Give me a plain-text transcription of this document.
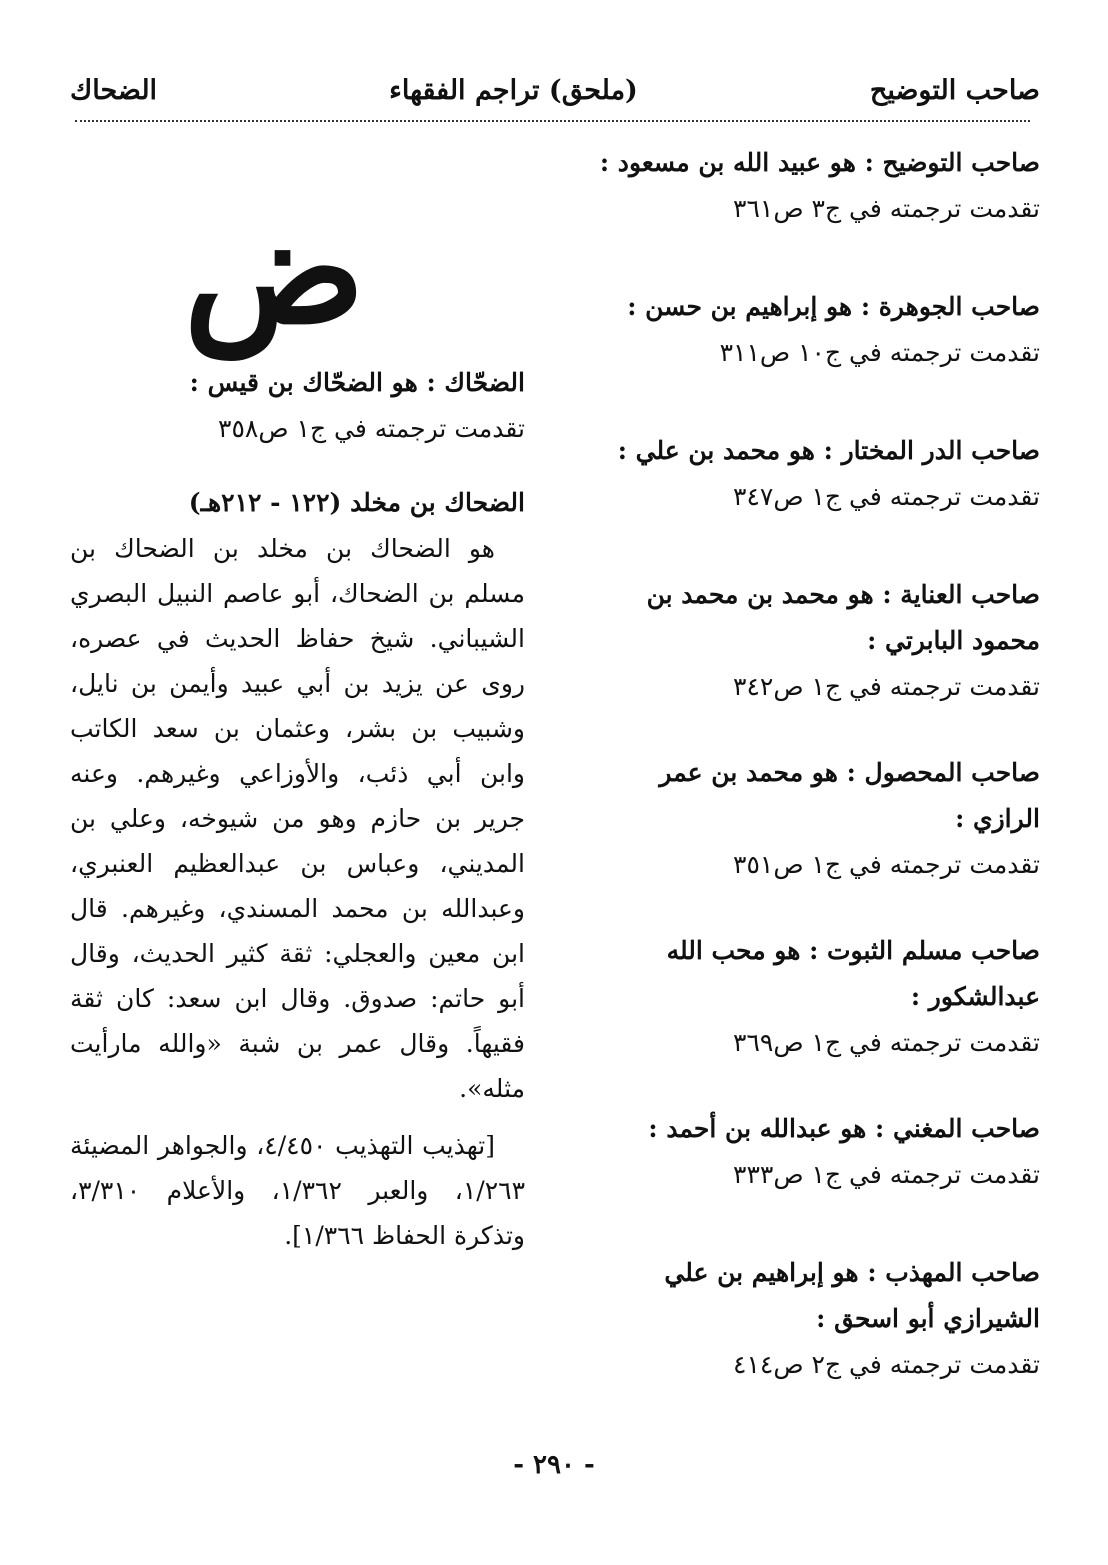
صاحب التوضيح
(ملحق) تراجم الفقهاء
الضحاك

صاحب التوضيح : هو عبيد الله بن مسعود :

تقدمت ترجمته في ج٣ ص٣٦١

صاحب الجوهرة : هو إبراهيم بن حسن :

تقدمت ترجمته في ج١٠ ص٣١١

صاحب الدر المختار : هو محمد بن علي :

تقدمت ترجمته في ج١ ص٣٤٧

صاحب العناية : هو محمد بن محمد بن محمود البابرتي :

تقدمت ترجمته في ج١ ص٣٤٢

صاحب المحصول : هو محمد بن عمر الرازي :

تقدمت ترجمته في ج١ ص٣٥١

صاحب مسلم الثبوت : هو محب الله عبدالشكور :

تقدمت ترجمته في ج١ ص٣٦٩

صاحب المغني : هو عبدالله بن أحمد :

تقدمت ترجمته في ج١ ص٣٣٣

صاحب المهذب : هو إبراهيم بن علي الشيرازي أبو اسحق :

تقدمت ترجمته في ج٢ ص٤١٤

ض

الضحّاك : هو الضحّاك بن قيس :

تقدمت ترجمته في ج١ ص٣٥٨

الضحاك بن مخلد (١٢٢ - ٢١٢هـ)

هو الضحاك بن مخلد بن الضحاك بن مسلم بن الضحاك، أبو عاصم النبيل البصري الشيباني. شيخ حفاظ الحديث في عصره، روى عن يزيد بن أبي عبيد وأيمن بن نايل، وشبيب بن بشر، وعثمان بن سعد الكاتب وابن أبي ذئب، والأوزاعي وغيرهم. وعنه جرير بن حازم وهو من شيوخه، وعلي بن المديني، وعباس بن عبدالعظيم العنبري، وعبدالله بن محمد المسندي، وغيرهم. قال ابن معين والعجلي: ثقة كثير الحديث، وقال أبو حاتم: صدوق. وقال ابن سعد: كان ثقة فقيهاً. وقال عمر بن شبة «والله مارأيت مثله».

[تهذيب التهذيب ٤/٤٥٠، والجواهر المضيئة ١/٢٦٣، والعبر ١/٣٦٢، والأعلام ٣/٣١٠، وتذكرة الحفاظ ١/٣٦٦].

- ٢٩٠ -
